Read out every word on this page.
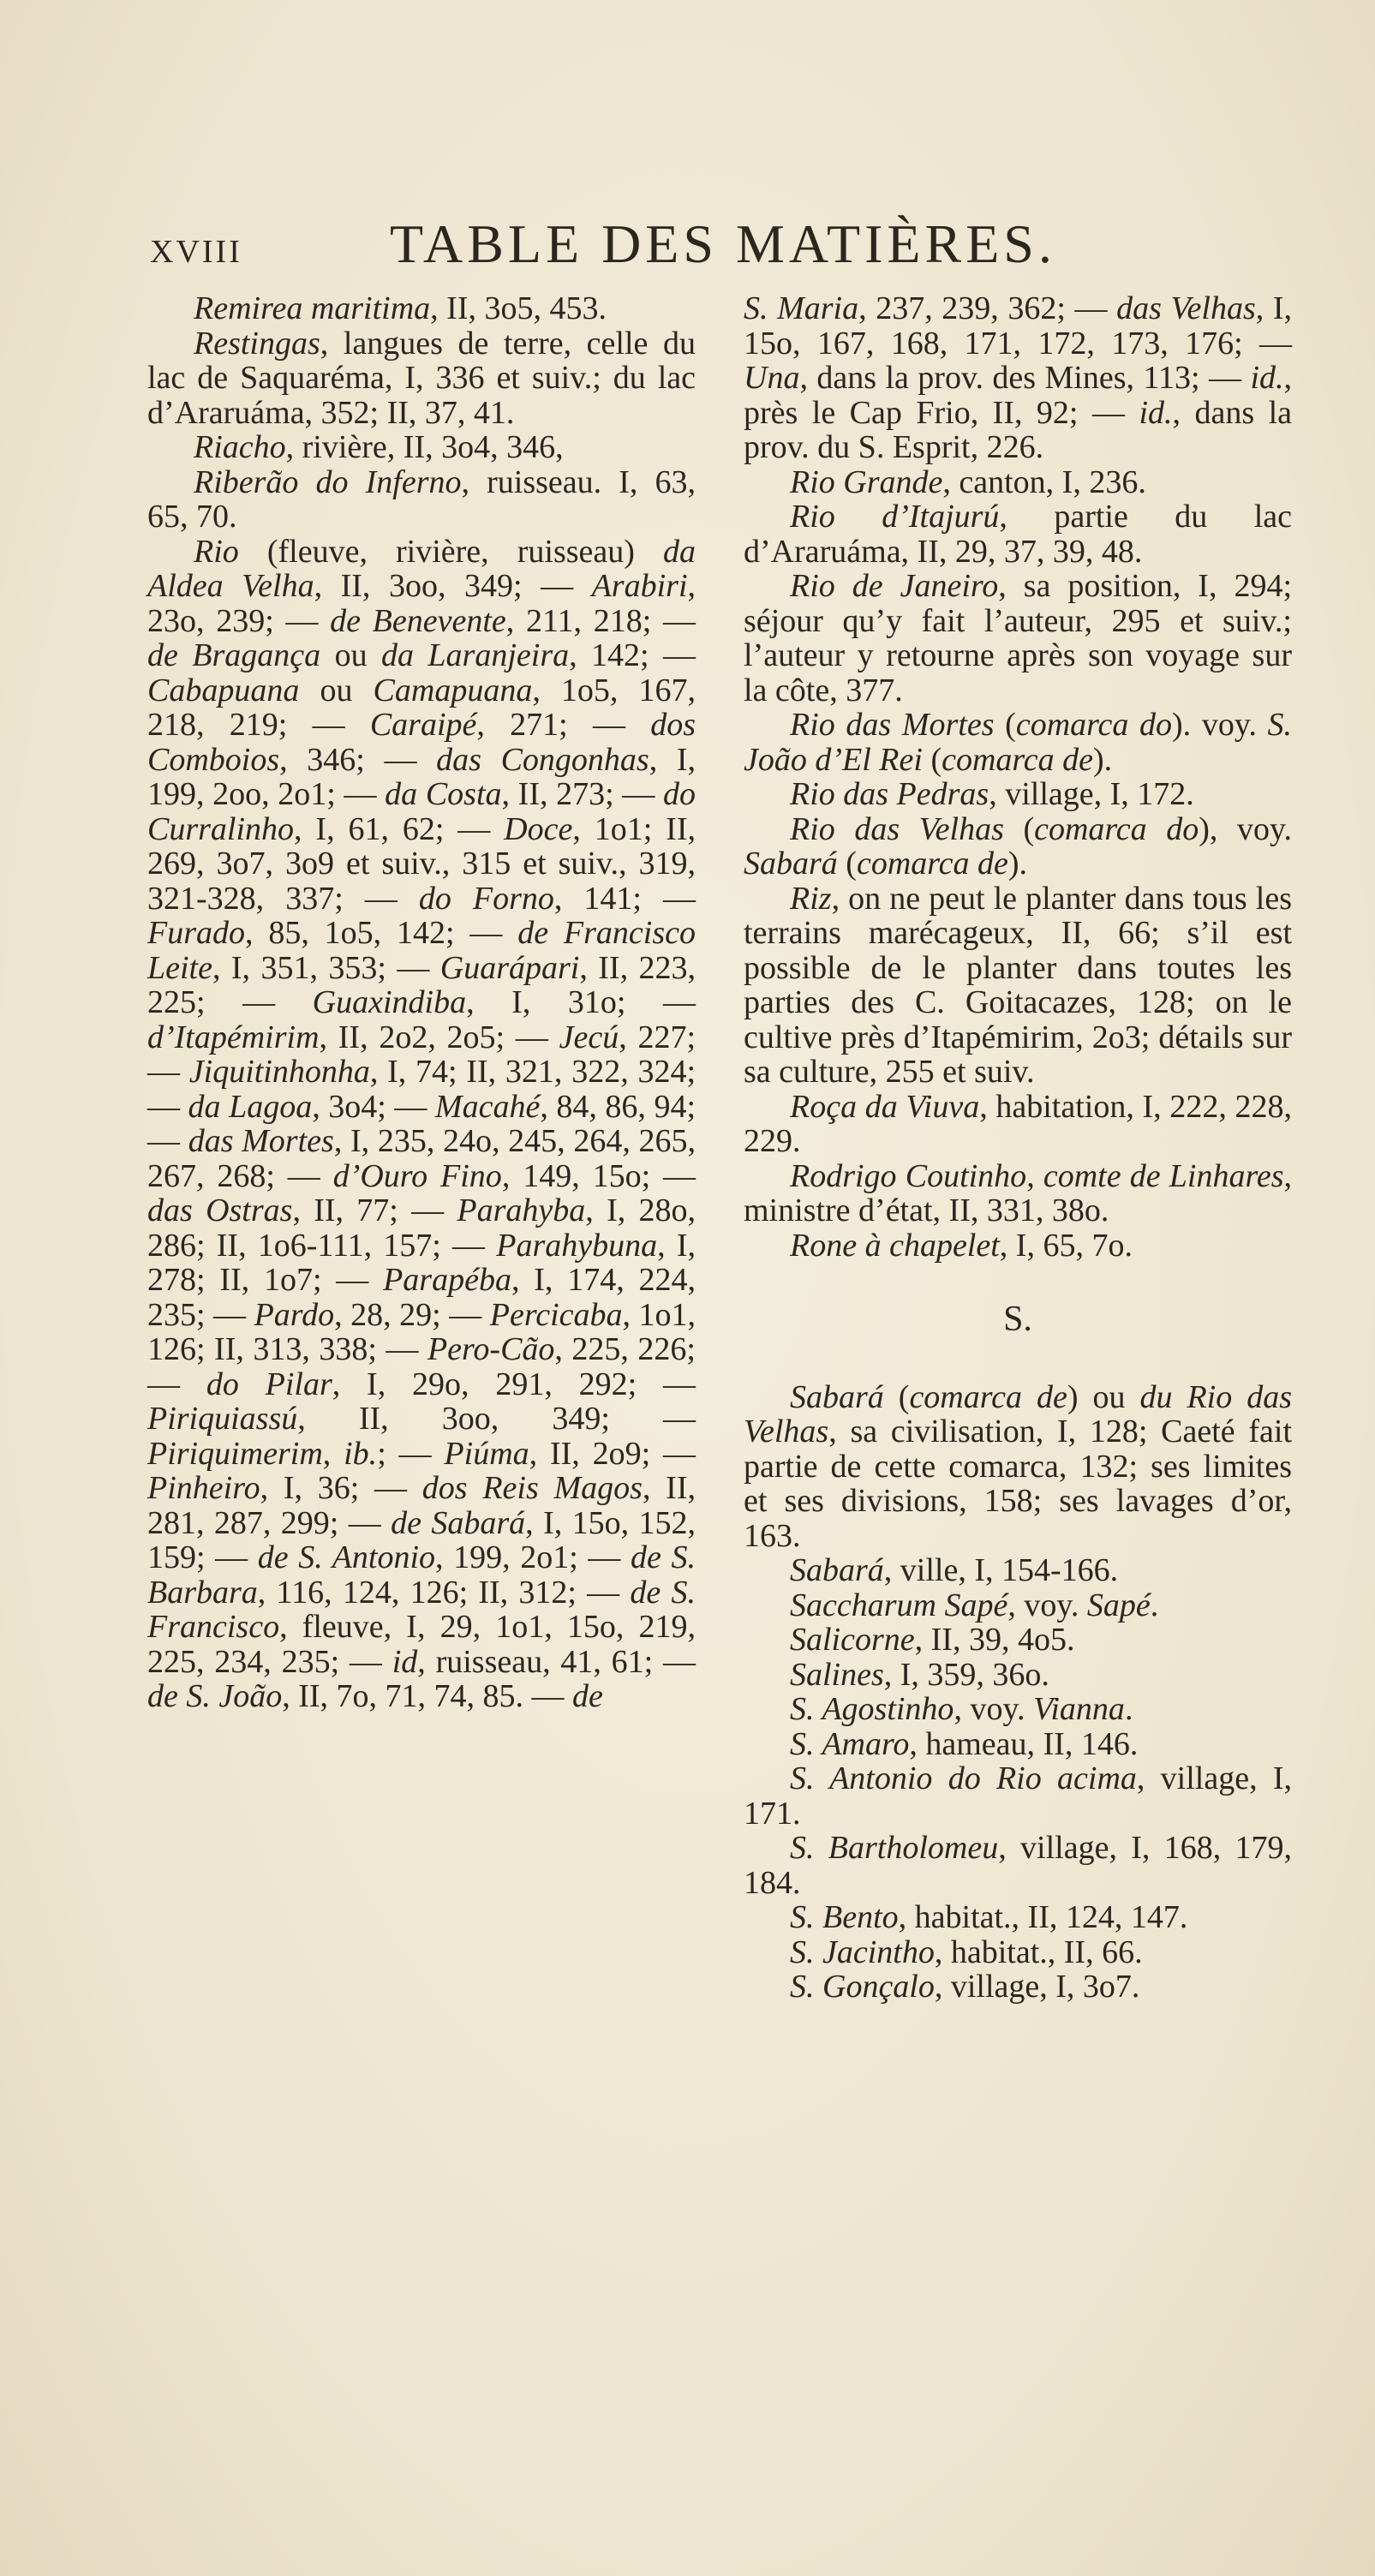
XVIII	TABLE DES MATIÈRES.

Remirea maritima, II, 3o5, 453.

Restingas, langues de terre, celle du lac de Saquaréma, I, 336 et suiv.; du lac d’Araruáma, 352; II, 37, 41.

Riacho, rivière, II, 3o4, 346,

Riberão do Inferno, ruisseau. I, 63, 65, 70.

Rio (fleuve, rivière, ruisseau) da Aldea Velha, II, 3oo, 349; — Arabiri, 23o, 239; — de Benevente, 211, 218; — de Bragança ou da Laranjeira, 142; — Cabapuana ou Camapuana, 1o5, 167, 218, 219; — Caraipé, 271; — dos Comboios, 346; — das Congonhas, I, 199, 2oo, 2o1; — da Costa, II, 273; — do Curralinho, I, 61, 62; — Doce, 1o1; II, 269, 3o7, 3o9 et suiv., 315 et suiv., 319, 321-328, 337; — do Forno, 141; — Furado, 85, 1o5, 142; — de Francisco Leite, I, 351, 353; — Guarápari, II, 223, 225; — Guaxindiba, I, 31o; — d’Itapémirim, II, 2o2, 2o5; — Jecú, 227; — Jiquitinhonha, I, 74; II, 321, 322, 324; — da Lagoa, 3o4; — Macahé, 84, 86, 94; — das Mortes, I, 235, 24o, 245, 264, 265, 267, 268; — d’Ouro Fino, 149, 15o; — das Ostras, II, 77; — Parahyba, I, 28o, 286; II, 1o6-111, 157; — Parahybuna, I, 278; II, 1o7; — Parapéba, I, 174, 224, 235; — Pardo, 28, 29; — Percicaba, 1o1, 126; II, 313, 338; — Pero-Cão, 225, 226; — do Pilar, I, 29o, 291, 292; — Piriquiassú, II, 3oo, 349; — Piriquimerim, ib.; — Piúma, II, 2o9; — Pinheiro, I, 36; — dos Reis Magos, II, 281, 287, 299; — de Sabará, I, 15o, 152, 159; — de S. Antonio, 199, 2o1; — de S. Barbara, 116, 124, 126; II, 312; — de S. Francisco, fleuve, I, 29, 1o1, 15o, 219, 225, 234, 235; — id, ruisseau, 41, 61; — de S. João, II, 7o, 71, 74, 85. — de

S. Maria, 237, 239, 362; — das Velhas, I, 15o, 167, 168, 171, 172, 173, 176; — Una, dans la prov. des Mines, 113; — id., près le Cap Frio, II, 92; — id., dans la prov. du S. Esprit, 226.

Rio Grande, canton, I, 236.

Rio d’Itajurú, partie du lac d’Araruáma, II, 29, 37, 39, 48.

Rio de Janeiro, sa position, I, 294; séjour qu’y fait l’auteur, 295 et suiv.; l’auteur y retourne après son voyage sur la côte, 377.

Rio das Mortes (comarca do). voy. S. João d’El Rei (comarca de).

Rio das Pedras, village, I, 172.

Rio das Velhas (comarca do), voy. Sabará (comarca de).

Riz, on ne peut le planter dans tous les terrains marécageux, II, 66; s’il est possible de le planter dans toutes les parties des C. Goitacazes, 128; on le cultive près d’Itapémirim, 2o3; détails sur sa culture, 255 et suiv.

Roça da Viuva, habitation, I, 222, 228, 229.

Rodrigo Coutinho, comte de Linhares, ministre d’état, II, 331, 38o.

Rone à chapelet, I, 65, 7o.

S.

Sabará (comarca de) ou du Rio das Velhas, sa civilisation, I, 128; Caeté fait partie de cette comarca, 132; ses limites et ses divisions, 158; ses lavages d’or, 163.

Sabará, ville, I, 154-166.

Saccharum Sapé, voy. Sapé.

Salicorne, II, 39, 4o5.

Salines, I, 359, 36o.

S. Agostinho, voy. Vianna.

S. Amaro, hameau, II, 146.

S. Antonio do Rio acima, village, I, 171.

S. Bartholomeu, village, I, 168, 179, 184.

S. Bento, habitat., II, 124, 147.

S. Jacintho, habitat., II, 66.

S. Gonçalo, village, I, 3o7.
